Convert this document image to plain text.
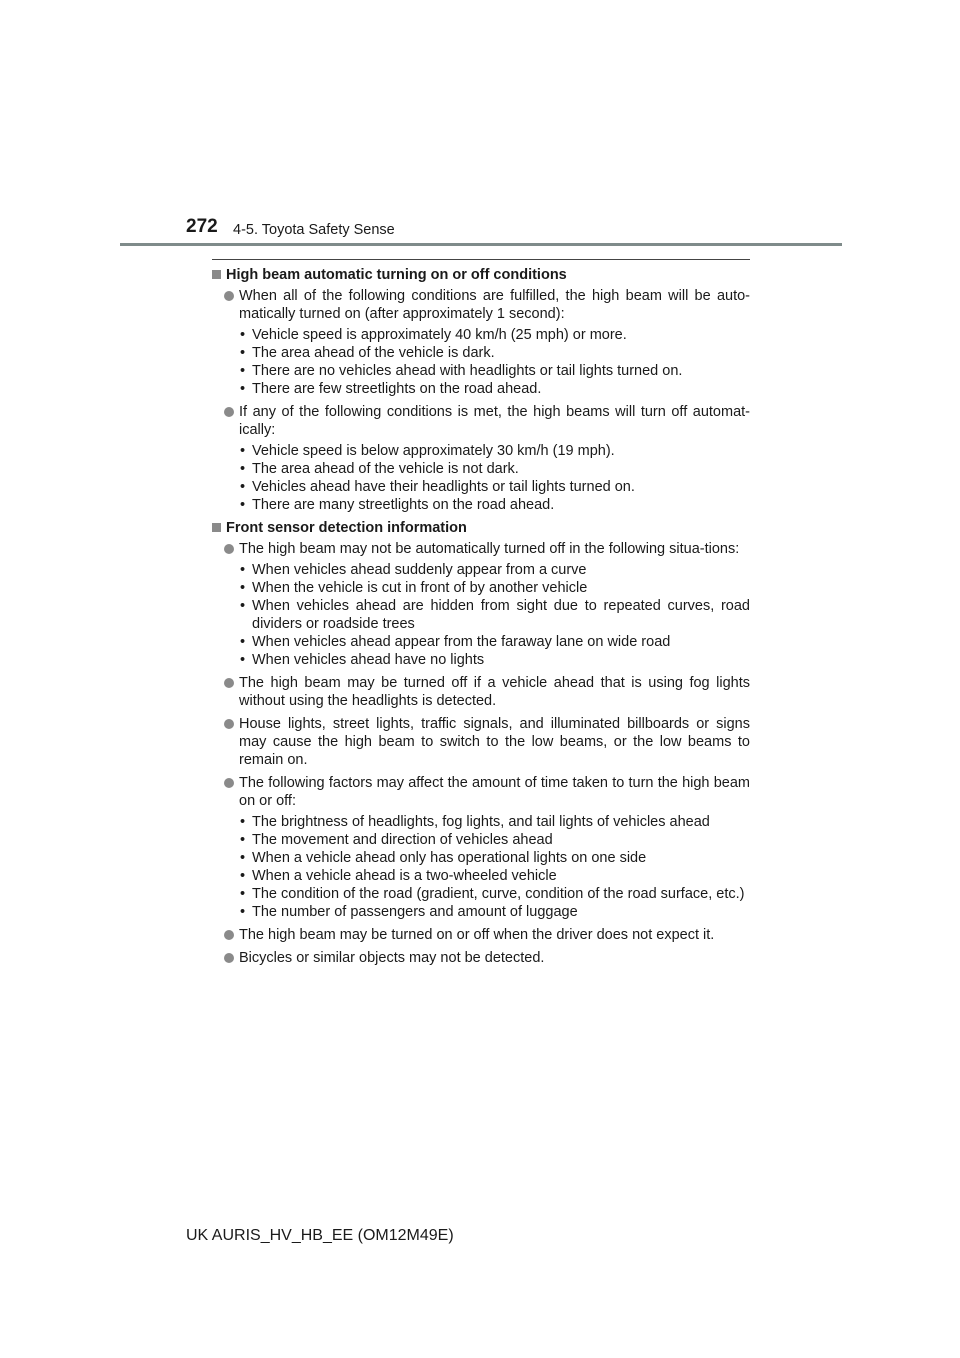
272 4-5. Toyota Safety Sense
High beam automatic turning on or off conditions
When all of the following conditions are fulfilled, the high beam will be auto-matically turned on (after approximately 1 second):
• Vehicle speed is approximately 40 km/h (25 mph) or more.
• The area ahead of the vehicle is dark.
• There are no vehicles ahead with headlights or tail lights turned on.
• There are few streetlights on the road ahead.
If any of the following conditions is met, the high beams will turn off automat-ically:
• Vehicle speed is below approximately 30 km/h (19 mph).
• The area ahead of the vehicle is not dark.
• Vehicles ahead have their headlights or tail lights turned on.
• There are many streetlights on the road ahead.
Front sensor detection information
The high beam may not be automatically turned off in the following situa-tions:
• When vehicles ahead suddenly appear from a curve
• When the vehicle is cut in front of by another vehicle
• When vehicles ahead are hidden from sight due to repeated curves, road dividers or roadside trees
• When vehicles ahead appear from the faraway lane on wide road
• When vehicles ahead have no lights
The high beam may be turned off if a vehicle ahead that is using fog lights without using the headlights is detected.
House lights, street lights, traffic signals, and illuminated billboards or signs may cause the high beam to switch to the low beams, or the low beams to remain on.
The following factors may affect the amount of time taken to turn the high beam on or off:
• The brightness of headlights, fog lights, and tail lights of vehicles ahead
• The movement and direction of vehicles ahead
• When a vehicle ahead only has operational lights on one side
• When a vehicle ahead is a two-wheeled vehicle
• The condition of the road (gradient, curve, condition of the road surface, etc.)
• The number of passengers and amount of luggage
The high beam may be turned on or off when the driver does not expect it.
Bicycles or similar objects may not be detected.
UK AURIS_HV_HB_EE (OM12M49E)
